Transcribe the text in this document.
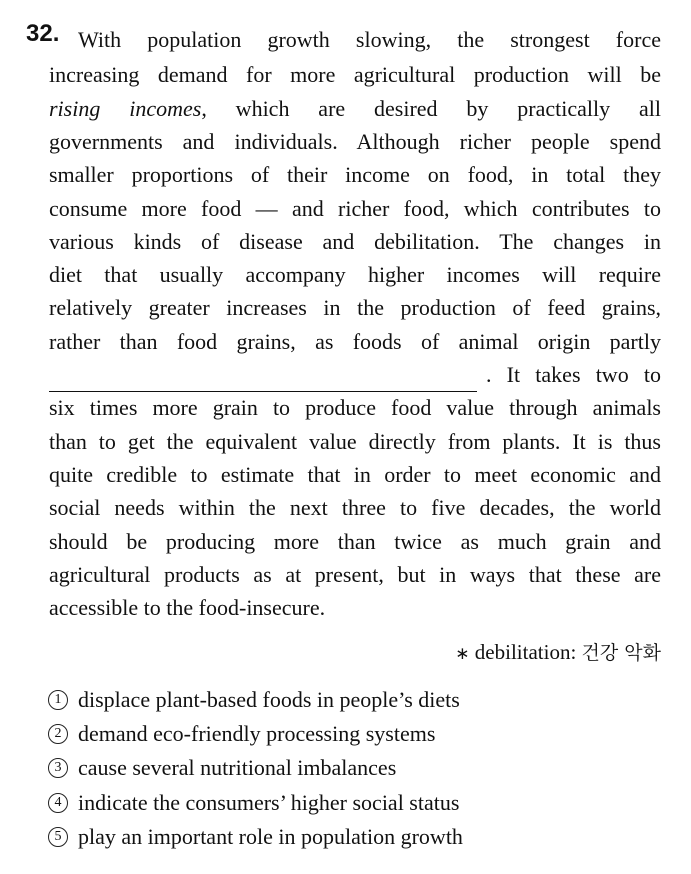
32. With population growth slowing, the strongest force
increasing demand for more agricultural production will be
rising incomes, which are desired by practically all
governments and individuals. Although richer people spend
smaller proportions of their income on food, in total they
consume more food — and richer food, which contributes to
various kinds of disease and debilitation. The changes in
diet that usually accompany higher incomes will require
relatively greater increases in the production of feed grains,
rather than food grains, as foods of animal origin partly
. It takes two to
six times more grain to produce food value through animals
than to get the equivalent value directly from plants. It is thus
quite credible to estimate that in order to meet economic and
social needs within the next three to five decades, the world
should be producing more than twice as much grain and
agricultural products as at present, but in ways that these are
accessible to the food-insecure.
∗ debilitation: 건강 악화
1 displace plant-based foods in people’s diets
2 demand eco-friendly processing systems
3 cause several nutritional imbalances
4 indicate the consumers’ higher social status
5 play an important role in population growth
